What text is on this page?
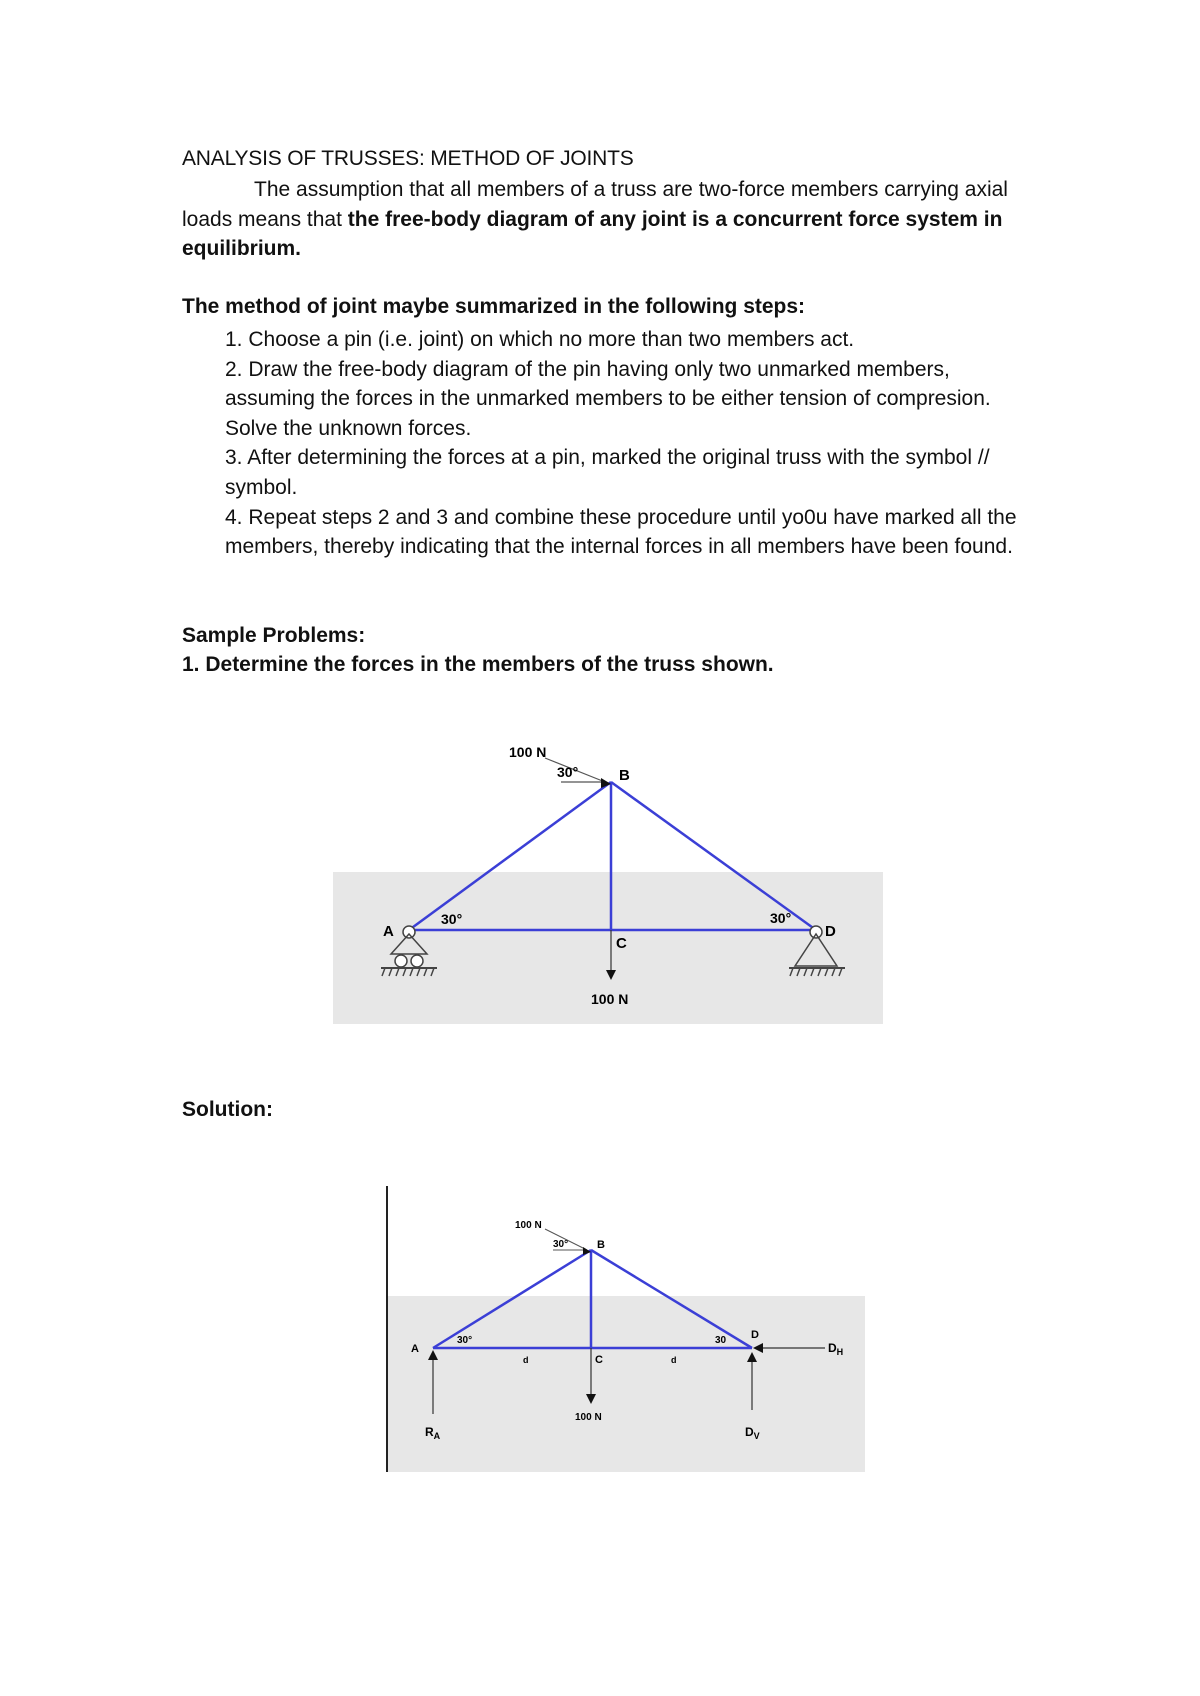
ANALYSIS OF TRUSSES: METHOD OF JOINTS
The assumption that all members of a truss are two-force members carrying axial loads means that the free-body diagram of any joint is a concurrent force system in equilibrium.
The method of joint maybe summarized in the following steps:
1. Choose a pin (i.e. joint) on which no more than two members act.
2. Draw the free-body diagram of the pin having only two unmarked members, assuming the forces in the unmarked members to be either tension of compresion. Solve the unknown forces.
3. After determining the forces at a pin, marked the original truss with the symbol // symbol.
4. Repeat steps 2 and 3 and combine these procedure until yo0u have marked all the members, thereby indicating that the internal forces in all members have been found.
Sample Problems:
1. Determine the forces in the members of the truss shown.
100 N
30°	B
A
30°
C
100 N
30°
D
Solution:
100 N
30°	B
A
30°
$R_A$
d	C	d
100 N
30 D
$D_H$
$D_V$
